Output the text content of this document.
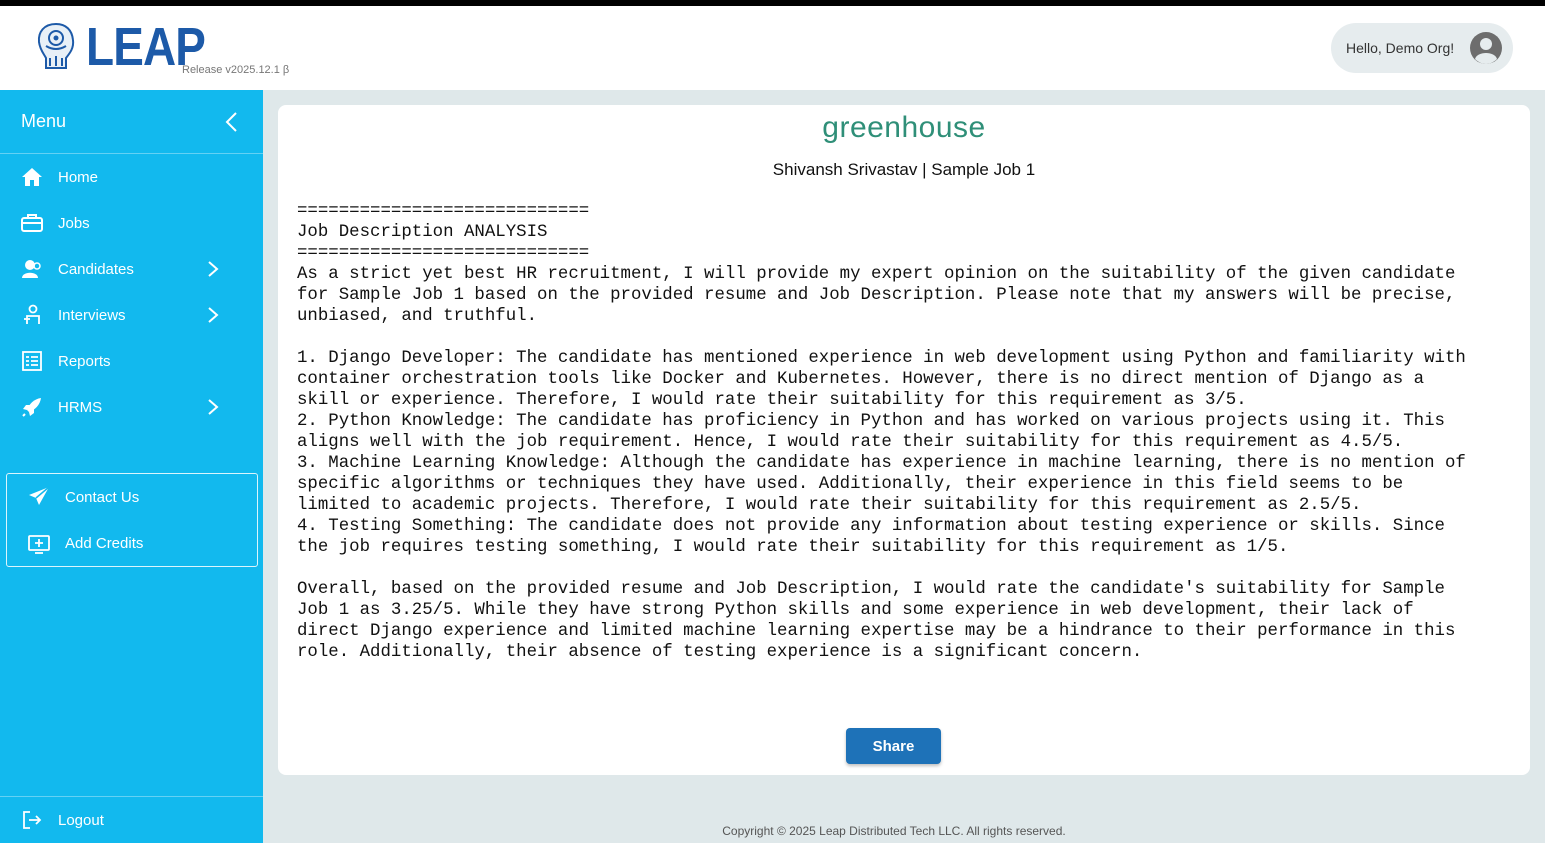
LEAP
Release v2025.12.1 β
Hello, Demo Org!
Menu
Home
Jobs
Candidates
Interviews
Reports
HRMS
Contact Us
Add Credits
Logout
greenhouse
Shivansh Srivastav | Sample Job 1
============================
Job Description ANALYSIS
============================
As a strict yet best HR recruitment, I will provide my expert opinion on the suitability of the given candidate
for Sample Job 1 based on the provided resume and Job Description. Please note that my answers will be precise,
unbiased, and truthful.

1. Django Developer: The candidate has mentioned experience in web development using Python and familiarity with
container orchestration tools like Docker and Kubernetes. However, there is no direct mention of Django as a
skill or experience. Therefore, I would rate their suitability for this requirement as 3/5.
2. Python Knowledge: The candidate has proficiency in Python and has worked on various projects using it. This
aligns well with the job requirement. Hence, I would rate their suitability for this requirement as 4.5/5.
3. Machine Learning Knowledge: Although the candidate has experience in machine learning, there is no mention of
specific algorithms or techniques they have used. Additionally, their experience in this field seems to be
limited to academic projects. Therefore, I would rate their suitability for this requirement as 2.5/5.
4. Testing Something: The candidate does not provide any information about testing experience or skills. Since
the job requires testing something, I would rate their suitability for this requirement as 1/5.

Overall, based on the provided resume and Job Description, I would rate the candidate's suitability for Sample
Job 1 as 3.25/5. While they have strong Python skills and some experience in web development, their lack of
direct Django experience and limited machine learning expertise may be a hindrance to their performance in this
role. Additionally, their absence of testing experience is a significant concern.
Share
Copyright © 2025 Leap Distributed Tech LLC. All rights reserved.
